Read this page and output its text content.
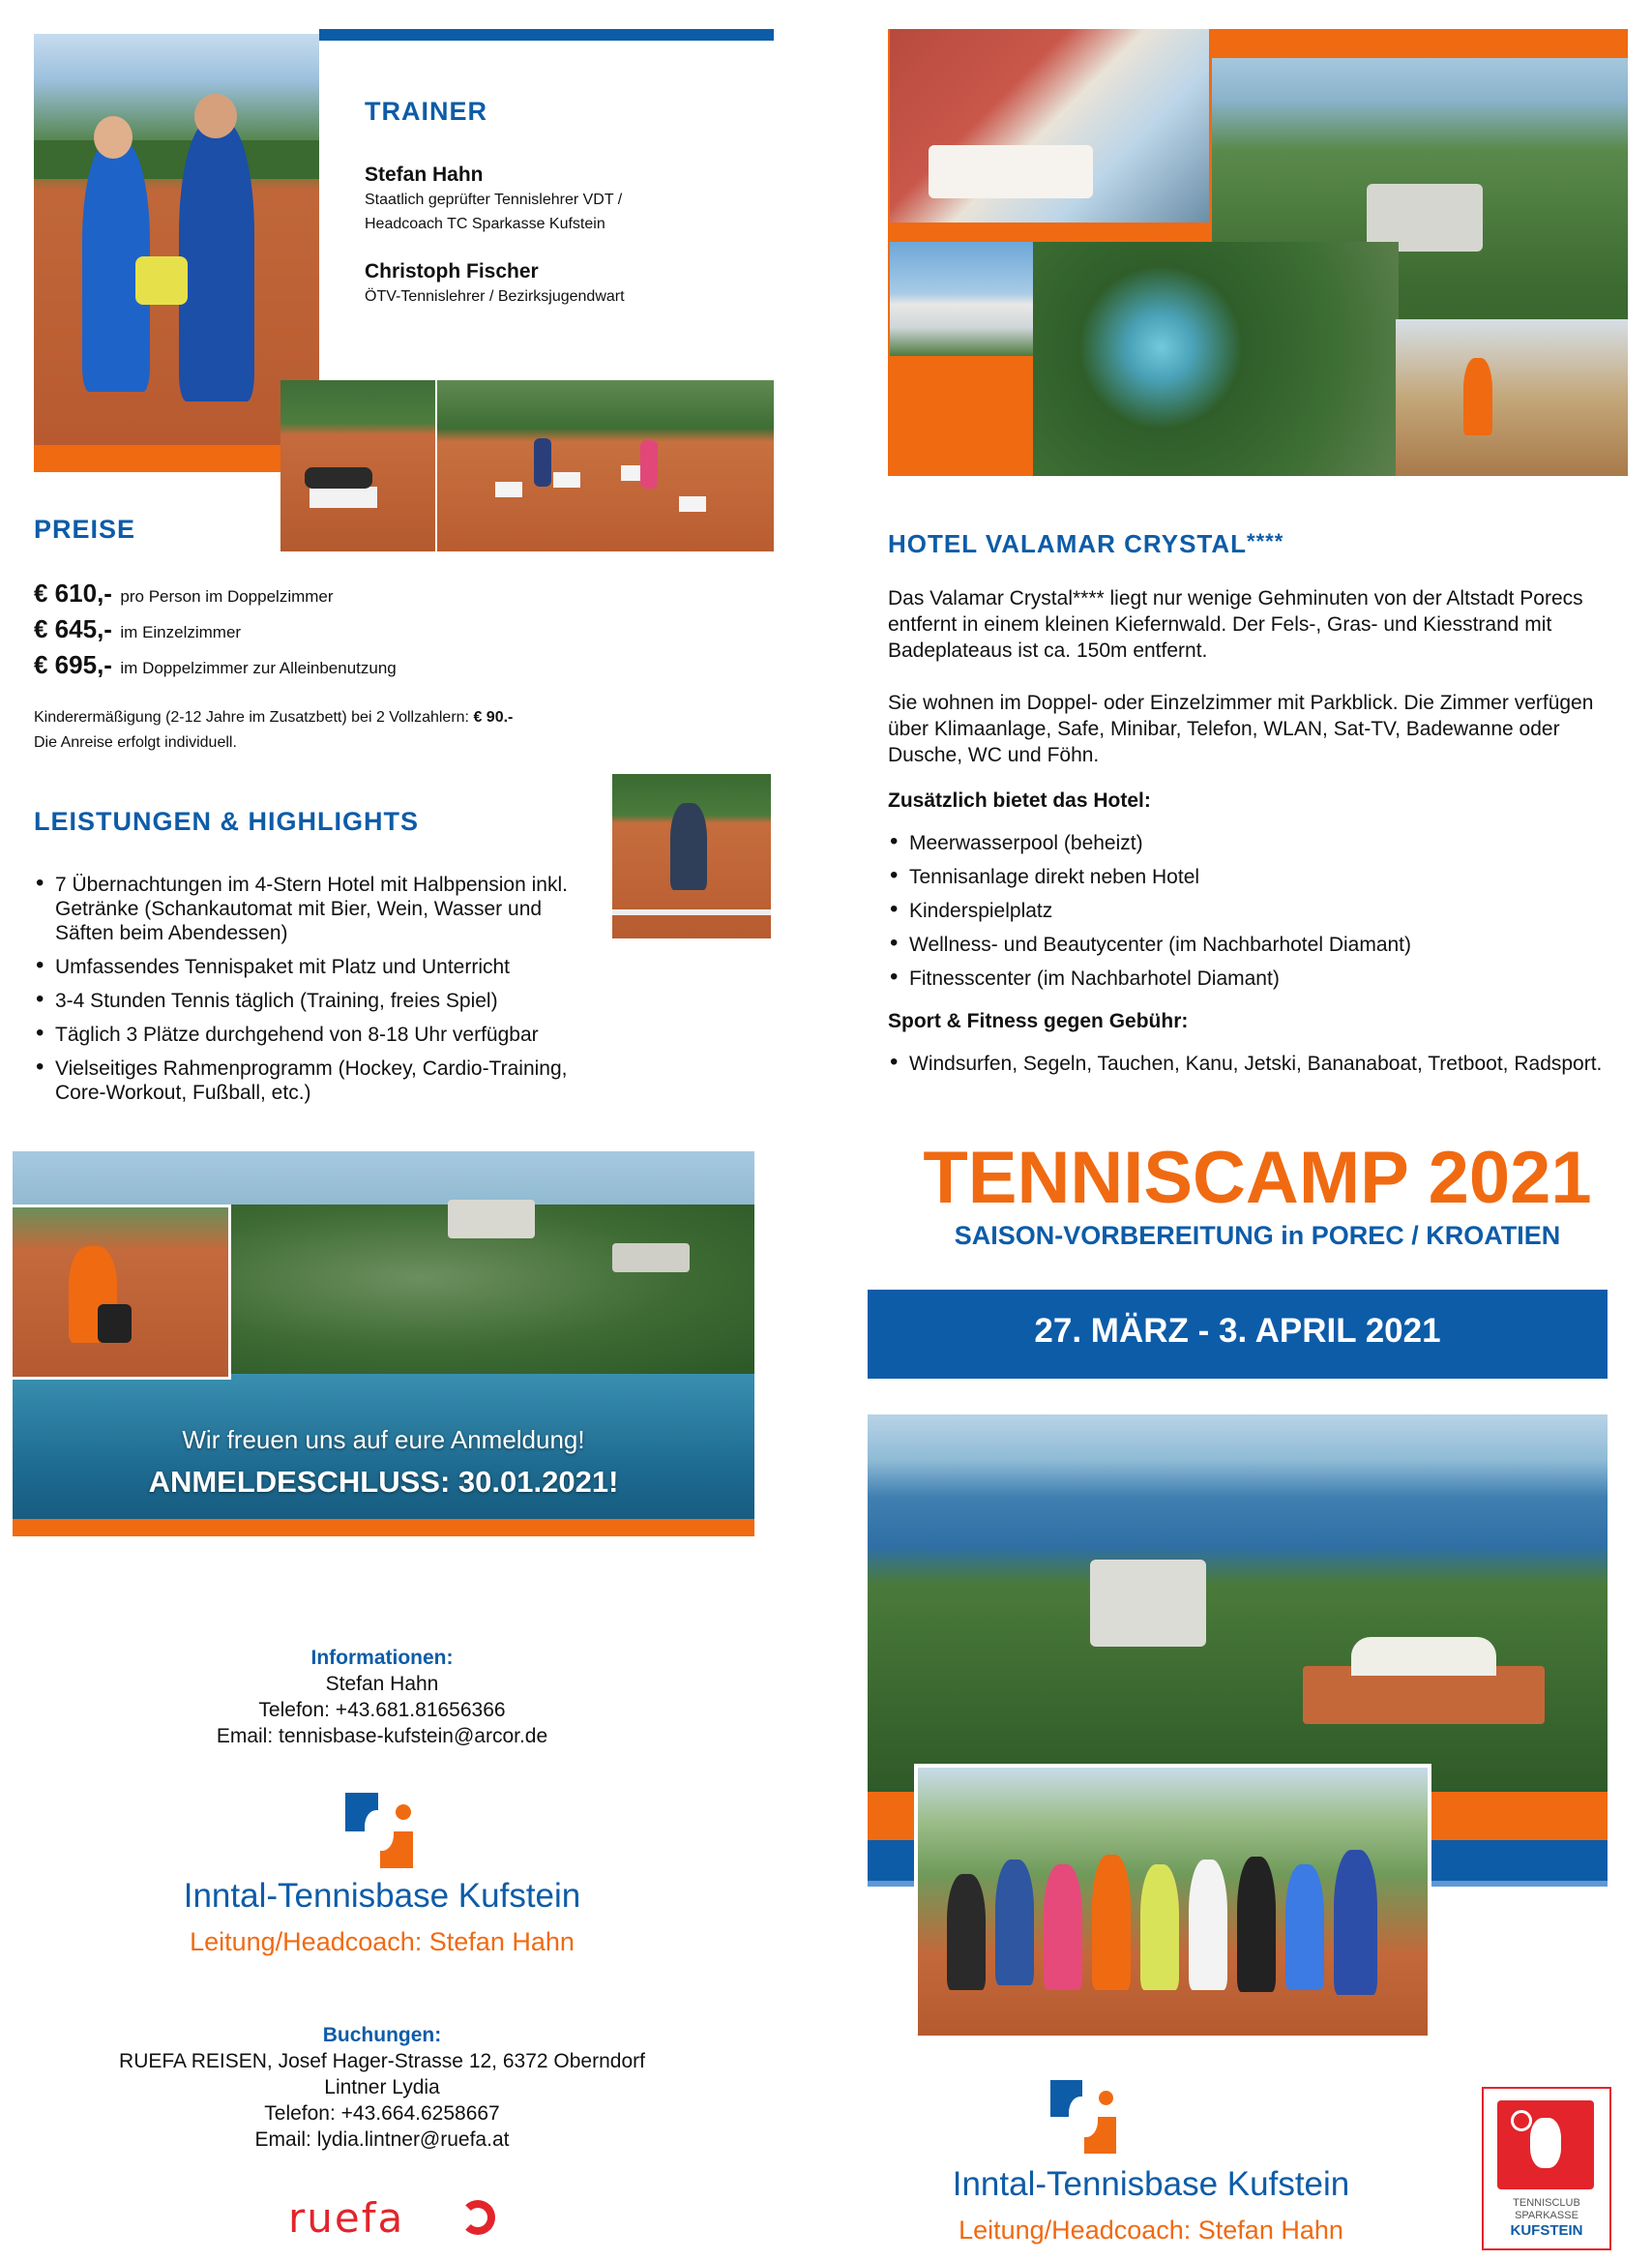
TRAINER
Stefan Hahn
Staatlich geprüfter Tennislehrer VDT /
Headcoach TC Sparkasse Kufstein
Christoph Fischer
ÖTV-Tennislehrer / Bezirksjugendwart
PREISE
€ 610,- pro Person im Doppelzimmer
€ 645,- im Einzelzimmer
€ 695,- im Doppelzimmer zur Alleinbenutzung
Kinderermäßigung (2-12 Jahre im Zusatzbett) bei 2 Vollzahlern: € 90.-
Die Anreise erfolgt individuell.
LEISTUNGEN & HIGHLIGHTS
• 7 Übernachtungen im 4-Stern Hotel mit Halbpension inkl. Getränke (Schankautomat mit Bier, Wein, Wasser und Säften beim Abendessen)
• Umfassendes Tennispaket mit Platz und Unterricht
• 3-4 Stunden Tennis täglich (Training, freies Spiel)
• Täglich 3 Plätze durchgehend von 8-18 Uhr verfügbar
• Vielseitiges Rahmenprogramm (Hockey, Cardio-Training, Core-Workout, Fußball, etc.)
Wir freuen uns auf eure Anmeldung!
ANMELDESCHLUSS: 30.01.2021!
Informationen:
Stefan Hahn
Telefon: +43.681.81656366
Email: tennisbase-kufstein@arcor.de
Inntal-Tennisbase Kufstein
Leitung/Headcoach: Stefan Hahn
Buchungen:
RUEFA REISEN, Josef Hager-Strasse 12, 6372 Oberndorf
Lintner Lydia
Telefon: +43.664.6258667
Email: lydia.lintner@ruefa.at
ruefa
HOTEL VALAMAR CRYSTAL****

Das Valamar Crystal**** liegt nur wenige Gehminuten von der Altstadt Porecs entfernt in einem kleinen Kiefernwald. Der Fels-, Gras- und Kiesstrand mit Badeplateaus ist ca. 150m entfernt.

Sie wohnen im Doppel- oder Einzelzimmer mit Parkblick. Die Zimmer verfügen über Klimaanlage, Safe, Minibar, Telefon, WLAN, Sat-TV, Badewanne oder Dusche, WC und Föhn.

Zusätzlich bietet das Hotel:
• Meerwasserpool (beheizt)
• Tennisanlage direkt neben Hotel
• Kinderspielplatz
• Wellness- und Beautycenter (im Nachbarhotel Diamant)
• Fitnesscenter (im Nachbarhotel Diamant)
Sport & Fitness gegen Gebühr:
• Windsurfen, Segeln, Tauchen, Kanu, Jetski, Bananaboat, Tretboot, Radsport.
TENNISCAMP 2021
SAISON-VORBEREITUNG in POREC / KROATIEN
27. MÄRZ - 3. APRIL 2021
Inntal-Tennisbase Kufstein
Leitung/Headcoach: Stefan Hahn
TENNISCLUB
SPARKASSE
KUFSTEIN
